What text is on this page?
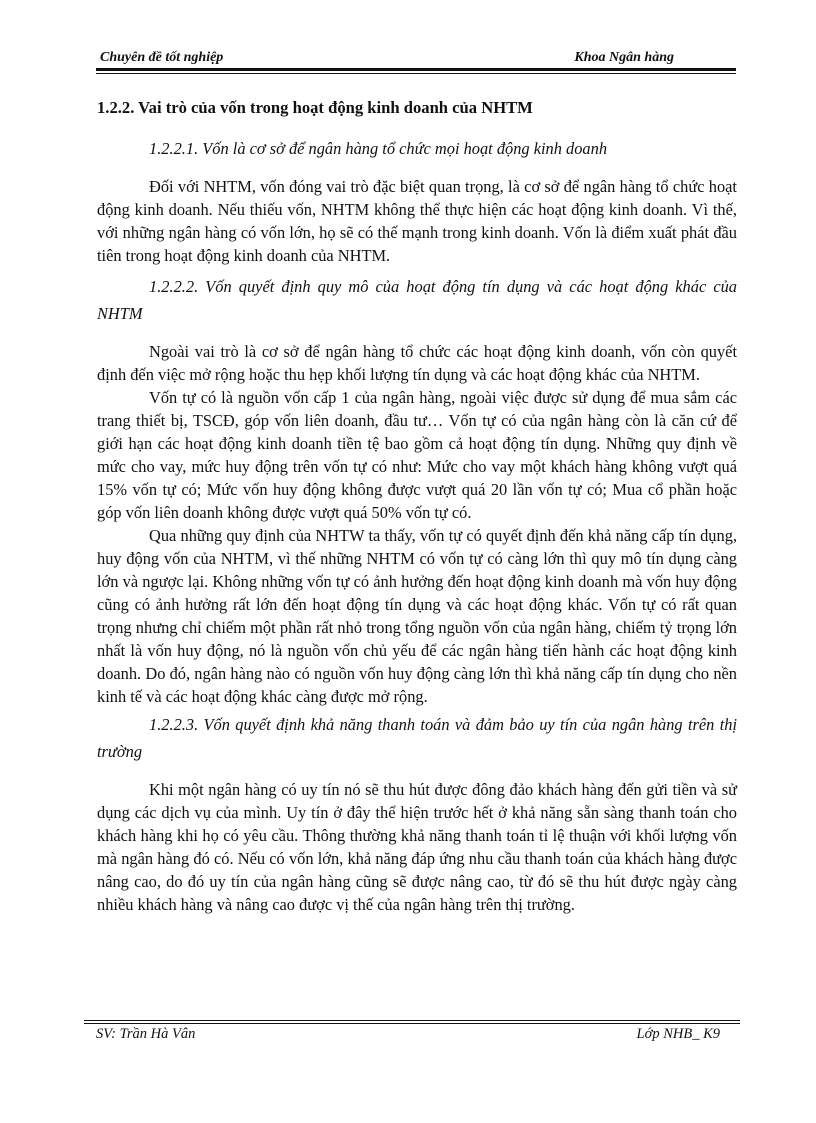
Chuyên đề tốt nghiệp	Khoa Ngân hàng
1.2.2. Vai trò của vốn trong hoạt động kinh doanh của NHTM
1.2.2.1. Vốn là cơ sở để ngân hàng tổ chức mọi hoạt động kinh doanh
Đối với NHTM, vốn đóng vai trò đặc biệt quan trọng, là cơ sở để ngân hàng tổ chức hoạt động kinh doanh. Nếu thiếu vốn, NHTM không thể thực hiện các hoạt động kinh doanh. Vì thế, với những ngân hàng có vốn lớn, họ sẽ có thế mạnh trong kinh doanh. Vốn là điểm xuất phát đầu tiên trong hoạt động kinh doanh của NHTM.
1.2.2.2. Vốn quyết định quy mô của hoạt động tín dụng và các hoạt động khác của NHTM
Ngoài vai trò là cơ sở để ngân hàng tổ chức các hoạt động kinh doanh, vốn còn quyết định đến việc mở rộng hoặc thu hẹp khối lượng tín dụng và các hoạt động khác của NHTM.
Vốn tự có là nguồn vốn cấp 1 của ngân hàng, ngoài việc được sử dụng để mua sắm các trang thiết bị, TSCĐ, góp vốn liên doanh, đầu tư… Vốn tự có của ngân hàng còn là căn cứ để giới hạn các hoạt động kinh doanh tiền tệ bao gồm cả hoạt động tín dụng. Những quy định về mức cho vay, mức huy động trên vốn tự có như: Mức cho vay một khách hàng không vượt quá 15% vốn tự có; Mức vốn huy động không được vượt quá 20 lần vốn tự có; Mua cổ phần hoặc góp vốn liên doanh không được vượt quá 50% vốn tự có.
Qua những quy định của NHTW ta thấy, vốn tự có quyết định đến khả năng cấp tín dụng, huy động vốn của NHTM, vì thế những NHTM có vốn tự có càng lớn thì quy mô tín dụng càng lớn và ngược lại. Không những vốn tự có ảnh hưởng đến hoạt động kinh doanh mà vốn huy động cũng có ảnh hưởng rất lớn đến hoạt động tín dụng và các hoạt động khác. Vốn tự có rất quan trọng nhưng chỉ chiếm một phần rất nhỏ trong tổng nguồn vốn của ngân hàng, chiếm tỷ trọng lớn nhất là vốn huy động, nó là nguồn vốn chủ yếu để các ngân hàng tiến hành các hoạt động kinh doanh. Do đó, ngân hàng nào có nguồn vốn huy động càng lớn thì khả năng cấp tín dụng cho nền kinh tế và các hoạt động khác càng được mở rộng.
1.2.2.3. Vốn quyết định khả năng thanh toán và đảm bảo uy tín của ngân hàng trên thị trường
Khi một ngân hàng có uy tín nó sẽ thu hút được đông đảo khách hàng đến gửi tiền và sử dụng các dịch vụ của mình. Uy tín ở đây thể hiện trước hết ở khả năng sẵn sàng thanh toán cho khách hàng khi họ có yêu cầu. Thông thường khả năng thanh toán tỉ lệ thuận với khối lượng vốn mà ngân hàng đó có. Nếu có vốn lớn, khả năng đáp ứng nhu cầu thanh toán của khách hàng được nâng cao, do đó uy tín của ngân hàng cũng sẽ được nâng cao, từ đó sẽ thu hút được ngày càng nhiều khách hàng và nâng cao được vị thế của ngân hàng trên thị trường.
SV: Trần Hà Vân	Lớp NHB_ K9
